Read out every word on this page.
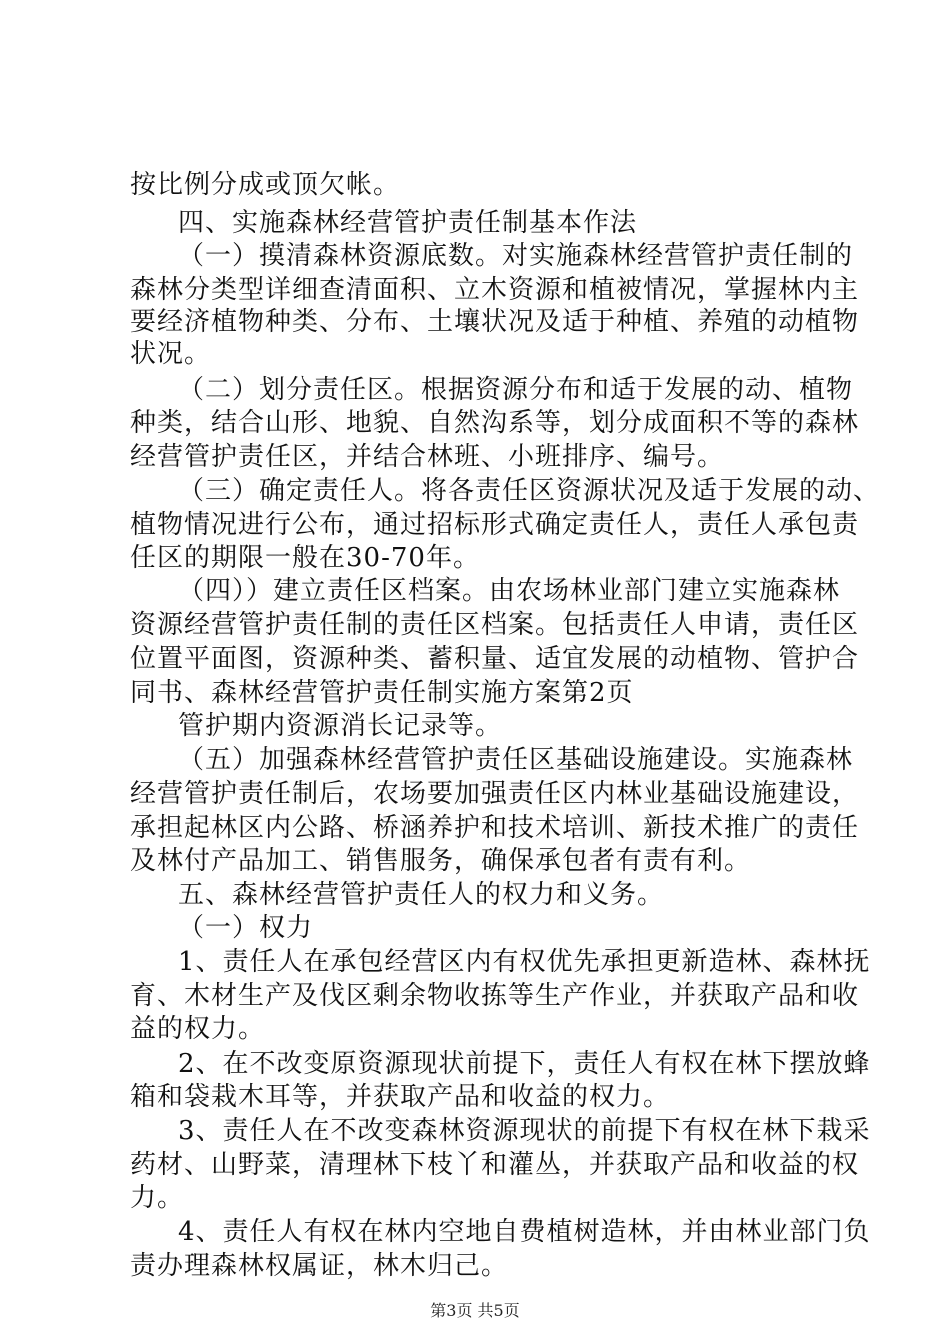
按比例分成或顶欠帐。
四、实施森林经营管护责任制基本作法
（一）摸清森林资源底数。对实施森林经营管护责任制的
森林分类型详细查清面积、立木资源和植被情况，掌握林内主
要经济植物种类、分布、土壤状况及适于种植、养殖的动植物
状况。
（二）划分责任区。根据资源分布和适于发展的动、植物
种类，结合山形、地貌、自然沟系等，划分成面积不等的森林
经营管护责任区，并结合林班、小班排序、编号。
（三）确定责任人。将各责任区资源状况及适于发展的动、
植物情况进行公布，通过招标形式确定责任人，责任人承包责
任区的期限一般在30-70年。
（四））建立责任区档案。由农场林业部门建立实施森林
资源经营管护责任制的责任区档案。包括责任人申请，责任区
位置平面图，资源种类、蓄积量、适宜发展的动植物、管护合
同书、森林经营管护责任制实施方案第2页
管护期内资源消长记录等。
（五）加强森林经营管护责任区基础设施建设。实施森林
经营管护责任制后，农场要加强责任区内林业基础设施建设，
承担起林区内公路、桥涵养护和技术培训、新技术推广的责任
及林付产品加工、销售服务，确保承包者有责有利。
五、森林经营管护责任人的权力和义务。
（一）权力
1、责任人在承包经营区内有权优先承担更新造林、森林抚
育、木材生产及伐区剩余物收拣等生产作业，并获取产品和收
益的权力。
2、在不改变原资源现状前提下，责任人有权在林下摆放蜂
箱和袋栽木耳等，并获取产品和收益的权力。
3、责任人在不改变森林资源现状的前提下有权在林下栽采
药材、山野菜，清理林下枝丫和灌丛，并获取产品和收益的权
力。
4、责任人有权在林内空地自费植树造林，并由林业部门负
责办理森林权属证，林木归己。
第3页 共5页
